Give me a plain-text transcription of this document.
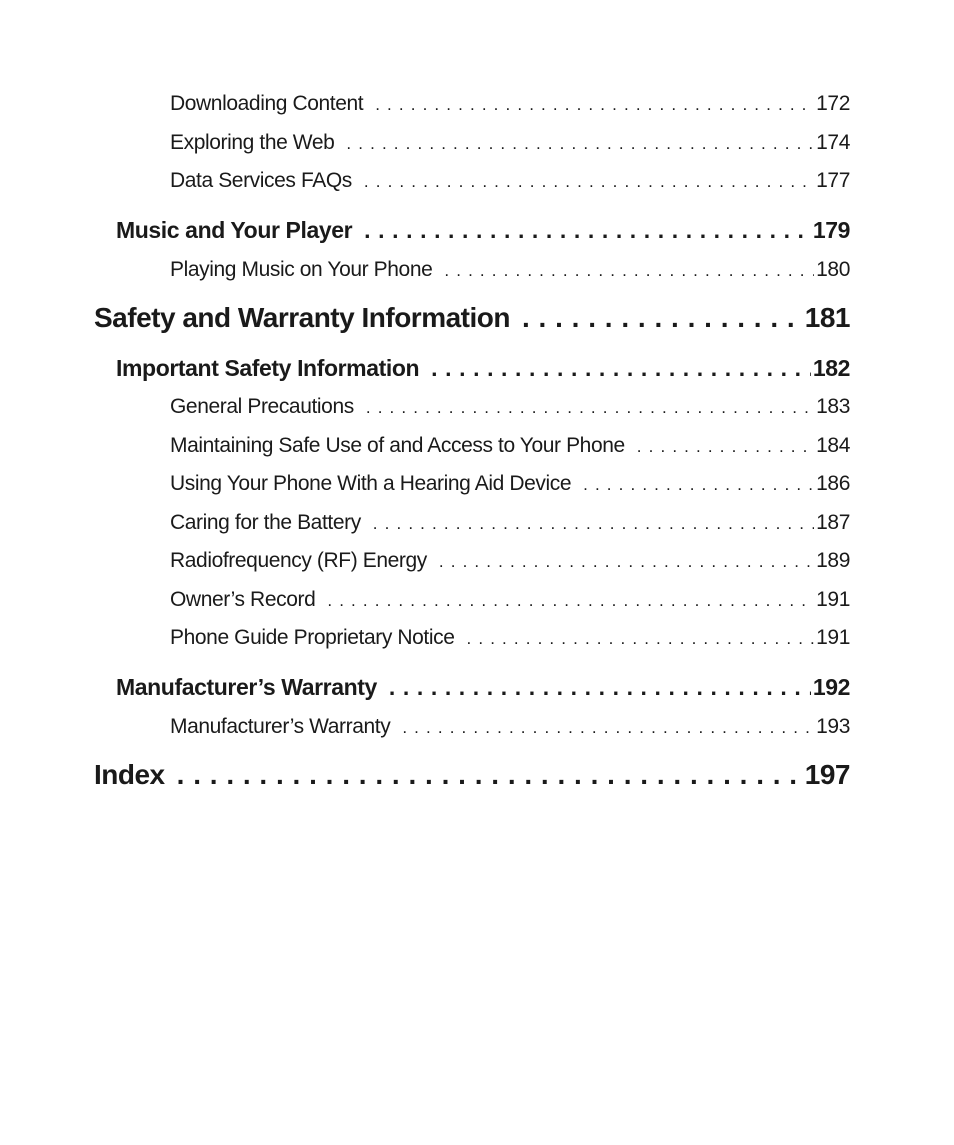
Downloading Content . . .	172
Exploring the Web . . .	174
Data Services FAQs . . .	177
Music and Your Player . . .	179
Playing Music on Your Phone . . .	180
Safety and Warranty Information . . .	181
Important Safety Information . . .	182
General Precautions . . .	183
Maintaining Safe Use of and Access to Your Phone . . .	184
Using Your Phone With a Hearing Aid Device . . .	186
Caring for the Battery . . .	187
Radiofrequency (RF) Energy . . .	189
Owner’s Record . . .	191
Phone Guide Proprietary Notice . . .	191
Manufacturer’s Warranty . . .	192
Manufacturer’s Warranty . . .	193
Index . . .	197
